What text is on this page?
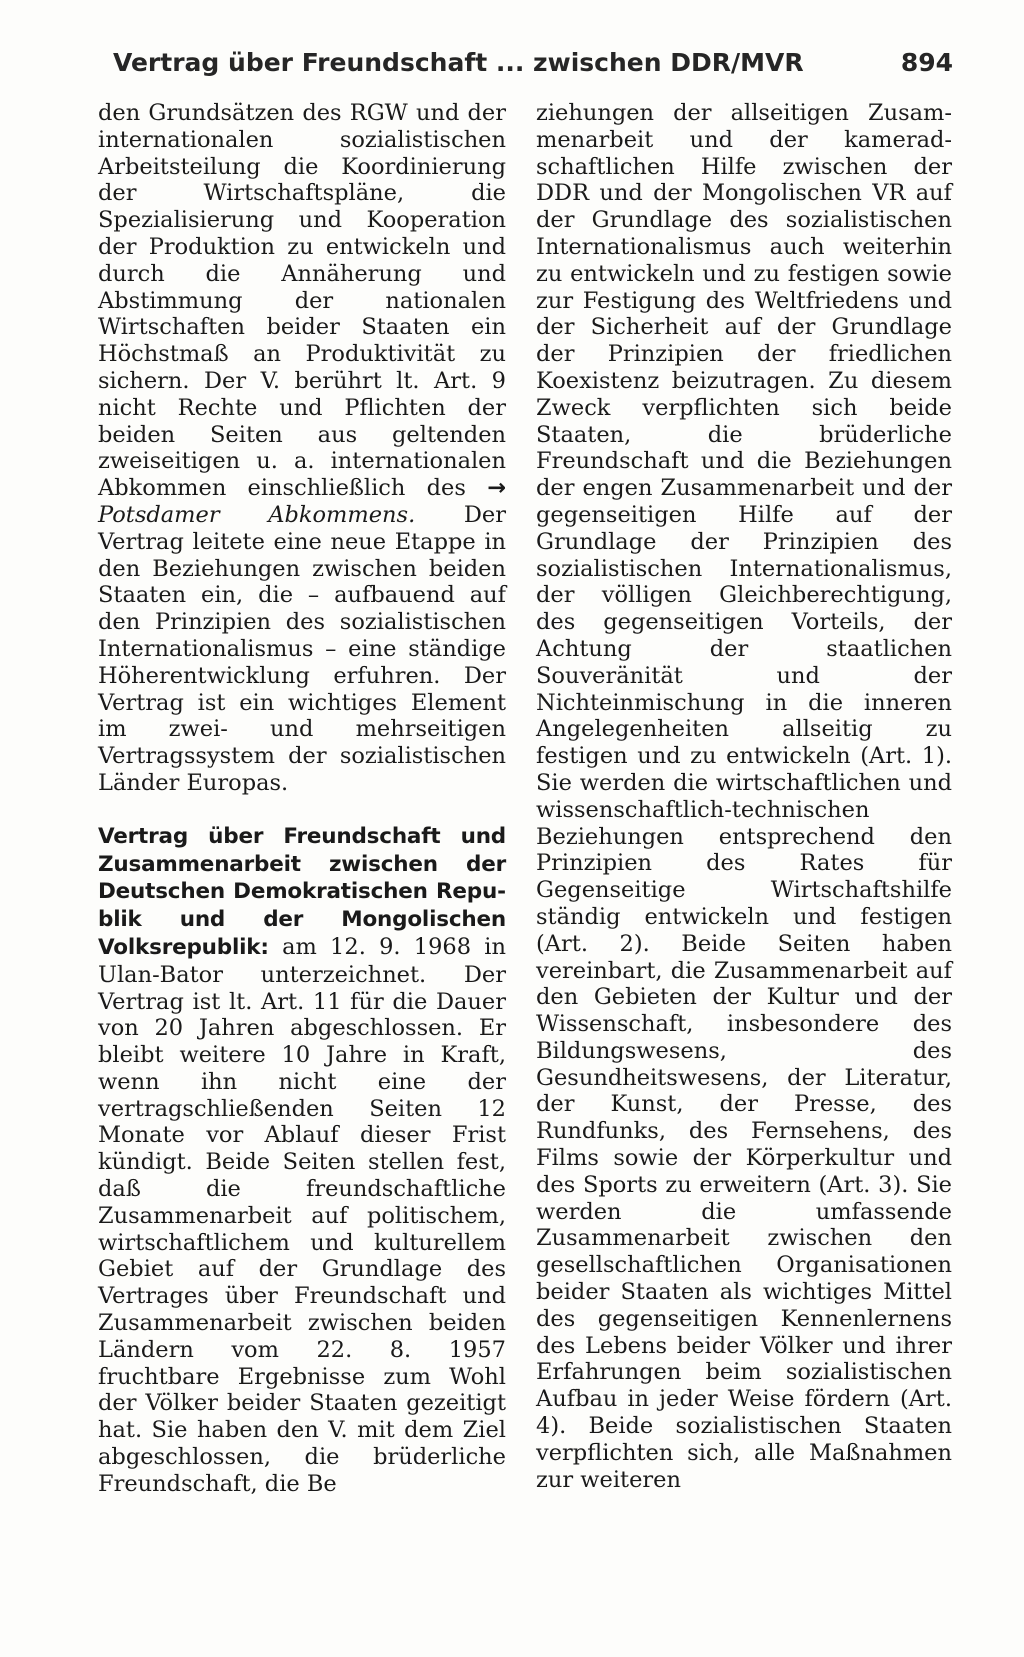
Vertrag über Freundschaft ... zwischen DDR/MVR	894

den Grundsätzen des RGW und der internationalen sozialistischen Arbeitsteilung die Koordinierung der Wirtschaftspläne, die Spezialisierung und Kooperation der Produktion zu entwickeln und durch die Annäherung und Abstimmung der nationalen Wirtschaften beider Staaten ein Höchstmaß an Produktivität zu sichern. Der V. berührt lt. Art. 9 nicht Rechte und Pflichten der beiden Seiten aus geltenden zweiseitigen u. a. internationalen Abkommen einschließlich des → Potsdamer Abkommens. Der Vertrag leitete eine neue Etappe in den Beziehungen zwischen beiden Staaten ein, die – aufbauend auf den Prinzipien des sozialistischen Internationalismus – eine ständige Höherentwicklung erfuhren. Der Vertrag ist ein wichtiges Element im zwei- und mehrseitigen Vertragssystem der sozialistischen Länder Europas.

Vertrag über Freundschaft und Zusammenarbeit zwischen der Deutschen Demokratischen Republik und der Mongolischen Volksrepublik: am 12. 9. 1968 in Ulan-Bator unterzeichnet. Der Vertrag ist lt. Art. 11 für die Dauer von 20 Jahren abgeschlossen. Er bleibt weitere 10 Jahre in Kraft, wenn ihn nicht eine der vertragschließenden Seiten 12 Monate vor Ablauf dieser Frist kündigt. Beide Seiten stellen fest, daß die freundschaftliche Zusammenarbeit auf politischem, wirtschaftlichem und kulturellem Gebiet auf der Grundlage des Vertrages über Freundschaft und Zusammenarbeit zwischen beiden Ländern vom 22. 8. 1957 fruchtbare Ergebnisse zum Wohl der Völker beider Staaten gezeitigt hat. Sie haben den V. mit dem Ziel abgeschlossen, die brüderliche Freundschaft, die Be

ziehungen der allseitigen Zusammenarbeit und der kameradschaftlichen Hilfe zwischen der DDR und der Mongolischen VR auf der Grundlage des sozialistischen Internationalismus auch weiterhin zu entwickeln und zu festigen sowie zur Festigung des Weltfriedens und der Sicherheit auf der Grundlage der Prinzipien der friedlichen Koexistenz beizutragen. Zu diesem Zweck verpflichten sich beide Staaten, die brüderliche Freundschaft und die Beziehungen der engen Zusammenarbeit und der gegenseitigen Hilfe auf der Grundlage der Prinzipien des sozialistischen Internationalismus, der völligen Gleichberechtigung, des gegenseitigen Vorteils, der Achtung der staatlichen Souveränität und der Nichteinmischung in die inneren Angelegenheiten allseitig zu festigen und zu entwickeln (Art. 1). Sie werden die wirtschaftlichen und wissenschaftlich-technischen Beziehungen entsprechend den Prinzipien des Rates für Gegenseitige Wirtschaftshilfe ständig entwickeln und festigen (Art. 2). Beide Seiten haben vereinbart, die Zusammenarbeit auf den Gebieten der Kultur und der Wissenschaft, insbesondere des Bildungswesens, des Gesundheitswesens, der Literatur, der Kunst, der Presse, des Rundfunks, des Fernsehens, des Films sowie der Körperkultur und des Sports zu erweitern (Art. 3). Sie werden die umfassende Zusammenarbeit zwischen den gesellschaftlichen Organisationen beider Staaten als wichtiges Mittel des gegenseitigen Kennenlernens des Lebens beider Völker und ihrer Erfahrungen beim sozialistischen Aufbau in jeder Weise fördern (Art. 4). Beide sozialistischen Staaten verpflichten sich, alle Maßnahmen zur weiteren
